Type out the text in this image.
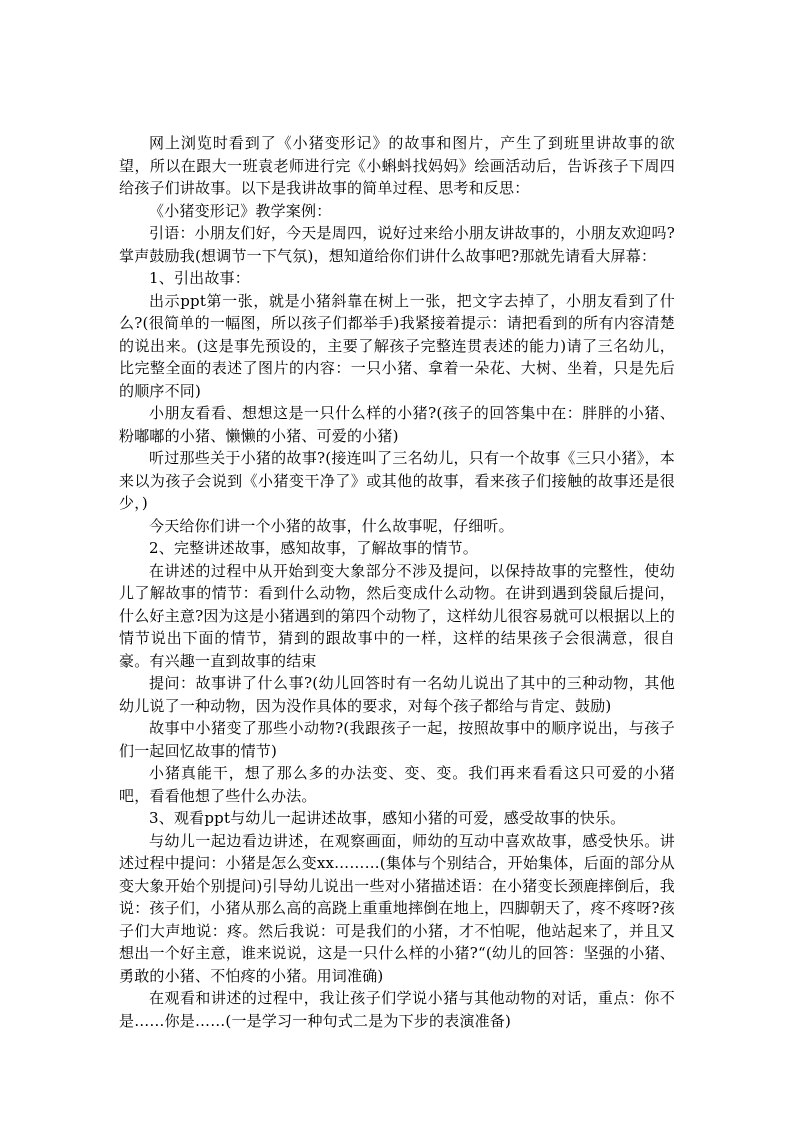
网上浏览时看到了《小猪变形记》的故事和图片，产生了到班里讲故事的欲望，所以在跟大一班袁老师进行完《小蝌蚪找妈妈》绘画活动后，告诉孩子下周四给孩子们讲故事。以下是我讲故事的简单过程、思考和反思：

《小猪变形记》教学案例：

引语：小朋友们好，今天是周四，说好过来给小朋友讲故事的，小朋友欢迎吗?掌声鼓励我(想调节一下气氛)，想知道给你们讲什么故事吧?那就先请看大屏幕：

1、引出故事：

出示ppt第一张，就是小猪斜靠在树上一张，把文字去掉了，小朋友看到了什么?(很简单的一幅图，所以孩子们都举手)我紧接着提示：请把看到的所有内容清楚的说出来。(这是事先预设的，主要了解孩子完整连贯表述的能力)请了三名幼儿，比完整全面的表述了图片的内容：一只小猪、拿着一朵花、大树、坐着，只是先后的顺序不同)

小朋友看看、想想这是一只什么样的小猪?(孩子的回答集中在：胖胖的小猪、粉嘟嘟的小猪、懒懒的小猪、可爱的小猪)

听过那些关于小猪的故事?(接连叫了三名幼儿，只有一个故事《三只小猪》，本来以为孩子会说到《小猪变干净了》或其他的故事，看来孩子们接触的故事还是很少，)

今天给你们讲一个小猪的故事，什么故事呢，仔细听。

2、完整讲述故事，感知故事，了解故事的情节。

在讲述的过程中从开始到变大象部分不涉及提问，以保持故事的完整性，使幼儿了解故事的情节：看到什么动物，然后变成什么动物。在讲到遇到袋鼠后提问，什么好主意?因为这是小猪遇到的第四个动物了，这样幼儿很容易就可以根据以上的情节说出下面的情节，猜到的跟故事中的一样，这样的结果孩子会很满意，很自豪。有兴趣一直到故事的结束

提问：故事讲了什么事?(幼儿回答时有一名幼儿说出了其中的三种动物，其他幼儿说了一种动物，因为没作具体的要求，对每个孩子都给与肯定、鼓励)

故事中小猪变了那些小动物?(我跟孩子一起，按照故事中的顺序说出，与孩子们一起回忆故事的情节)

小猪真能干，想了那么多的办法变、变、变。我们再来看看这只可爱的小猪吧，看看他想了些什么办法。

3、观看ppt与幼儿一起讲述故事，感知小猪的可爱，感受故事的快乐。

与幼儿一起边看边讲述，在观察画面，师幼的互动中喜欢故事，感受快乐。讲述过程中提问：小猪是怎么变xx………(集体与个别结合，开始集体，后面的部分从变大象开始个别提问)引导幼儿说出一些对小猪描述语：在小猪变长颈鹿摔倒后，我说：孩子们，小猪从那么高的高跷上重重地摔倒在地上，四脚朝天了，疼不疼呀?孩子们大声地说：疼。然后我说：可是我们的小猪，才不怕呢，他站起来了，并且又想出一个好主意，谁来说说，这是一只什么样的小猪?“(幼儿的回答：坚强的小猪、勇敢的小猪、不怕疼的小猪。用词准确)

在观看和讲述的过程中，我让孩子们学说小猪与其他动物的对话，重点：你不是……你是……(一是学习一种句式二是为下步的表演准备)
